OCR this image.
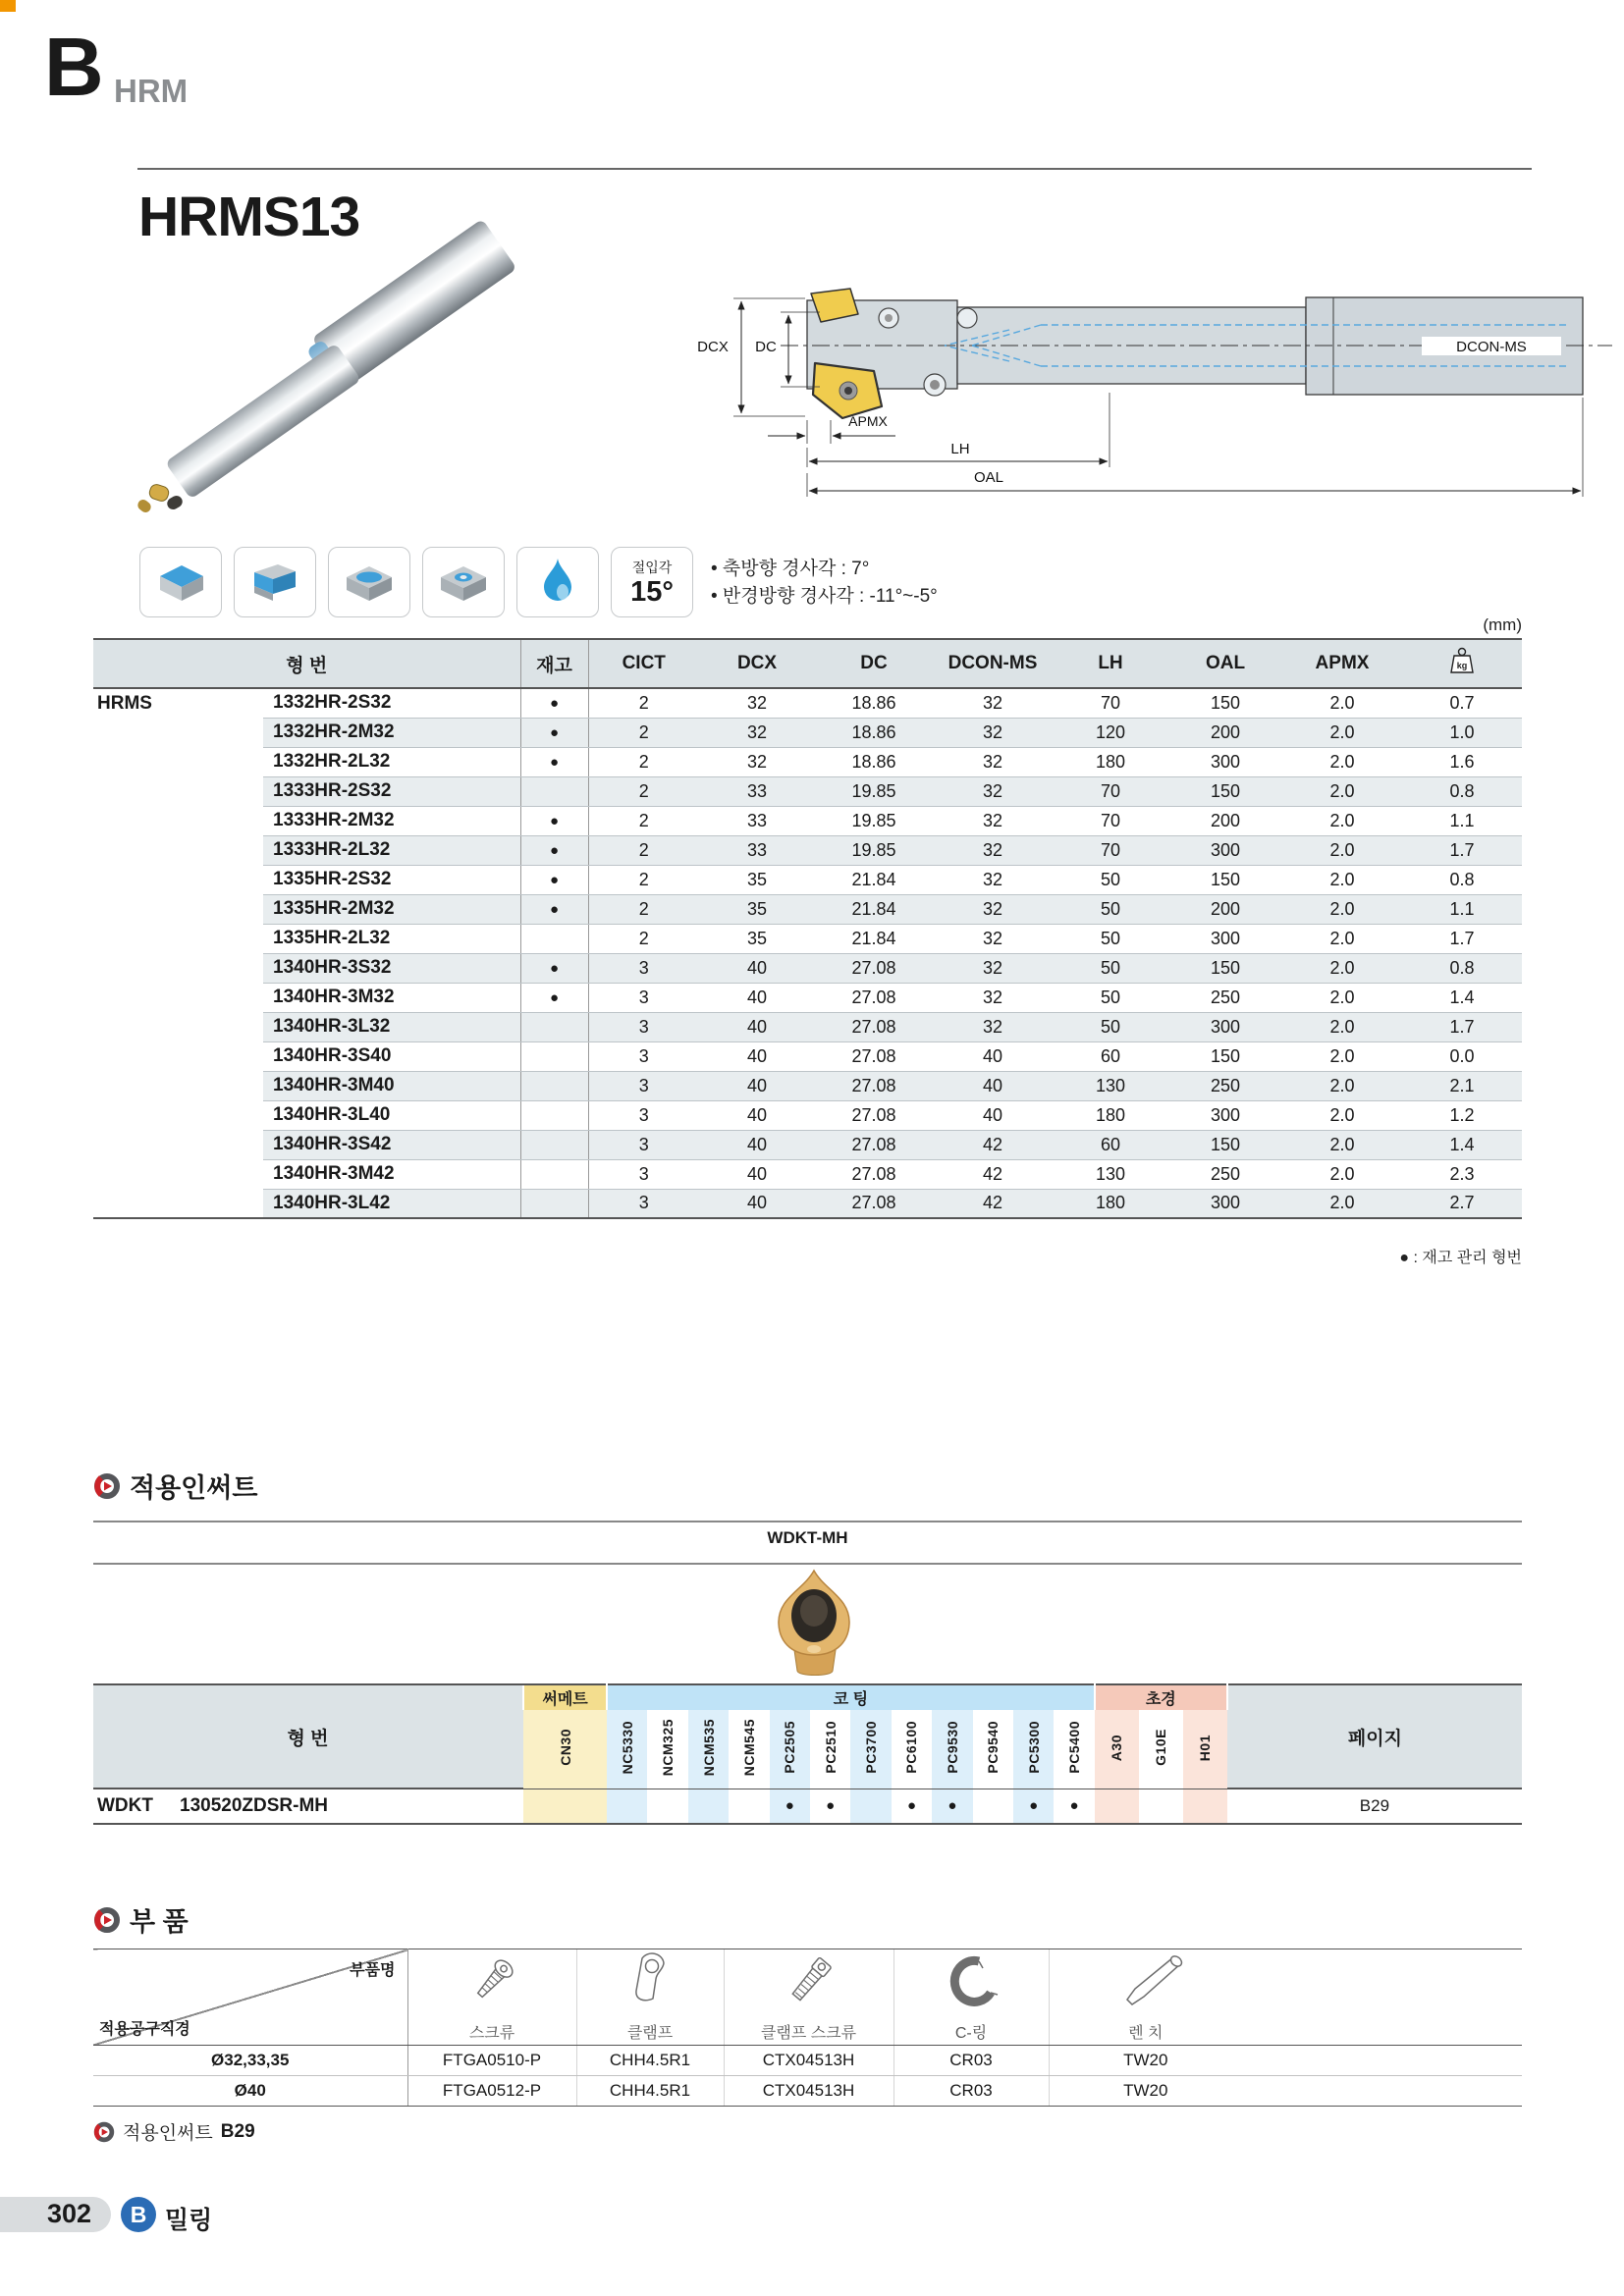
B HRM
HRMS13
DCX DC	DCON-MS
APMX
LH
OAL
절입각
15°
• 축방향 경사각 : 7°
• 반경방향 경사각 : -11°~-5°
(mm)
형 번		재고	CICT	DCX	DC	DCON-MS	LH	OAL	APMX	kg

HRMS	1332HR-2S32	●	2	32	18.86	32	70	150	2.0	0.7
	1332HR-2M32	●	2	32	18.86	32	120	200	2.0	1.0
	1332HR-2L32	●	2	32	18.86	32	180	300	2.0	1.6
	1333HR-2S32		2	33	19.85	32	70	150	2.0	0.8
	1333HR-2M32	●	2	33	19.85	32	70	200	2.0	1.1
	1333HR-2L32	●	2	33	19.85	32	70	300	2.0	1.7
	1335HR-2S32	●	2	35	21.84	32	50	150	2.0	0.8
	1335HR-2M32	●	2	35	21.84	32	50	200	2.0	1.1
	1335HR-2L32		2	35	21.84	32	50	300	2.0	1.7
	1340HR-3S32	●	3	40	27.08	32	50	150	2.0	0.8
	1340HR-3M32	●	3	40	27.08	32	50	250	2.0	1.4
	1340HR-3L32		3	40	27.08	32	50	300	2.0	1.7
	1340HR-3S40		3	40	27.08	40	60	150	2.0	0.0
	1340HR-3M40		3	40	27.08	40	130	250	2.0	2.1
	1340HR-3L40		3	40	27.08	40	180	300	2.0	1.2
	1340HR-3S42		3	40	27.08	42	60	150	2.0	1.4
	1340HR-3M42		3	40	27.08	42	130	250	2.0	2.3
	1340HR-3L42		3	40	27.08	42	180	300	2.0	2.7
● : 재고 관리 형번
적용인써트
WDKT-MH
형 번	써메트	코 팅												초경			페이지
	CN30	NC5330	NCM325	NCM535	NCM545	PC2505	PC2510	PC3700	PC6100	PC9530	PC9540	PC5300	PC5400	A30	G10E	H01	
WDKT 130520ZDSR-MH						●	●		●	●		●	●				B29
부 품
부품명
적용공구직경

	스크류	클램프	클램프 스크류	C-링	렌 치	
Ø32,33,35	FTGA0510-P	CHH4.5R1	CTX04513H	CR03	TW20	
Ø40	FTGA0512-P	CHH4.5R1	CTX04513H	CR03	TW20	
적용인써트 B29
302	B 밀링
